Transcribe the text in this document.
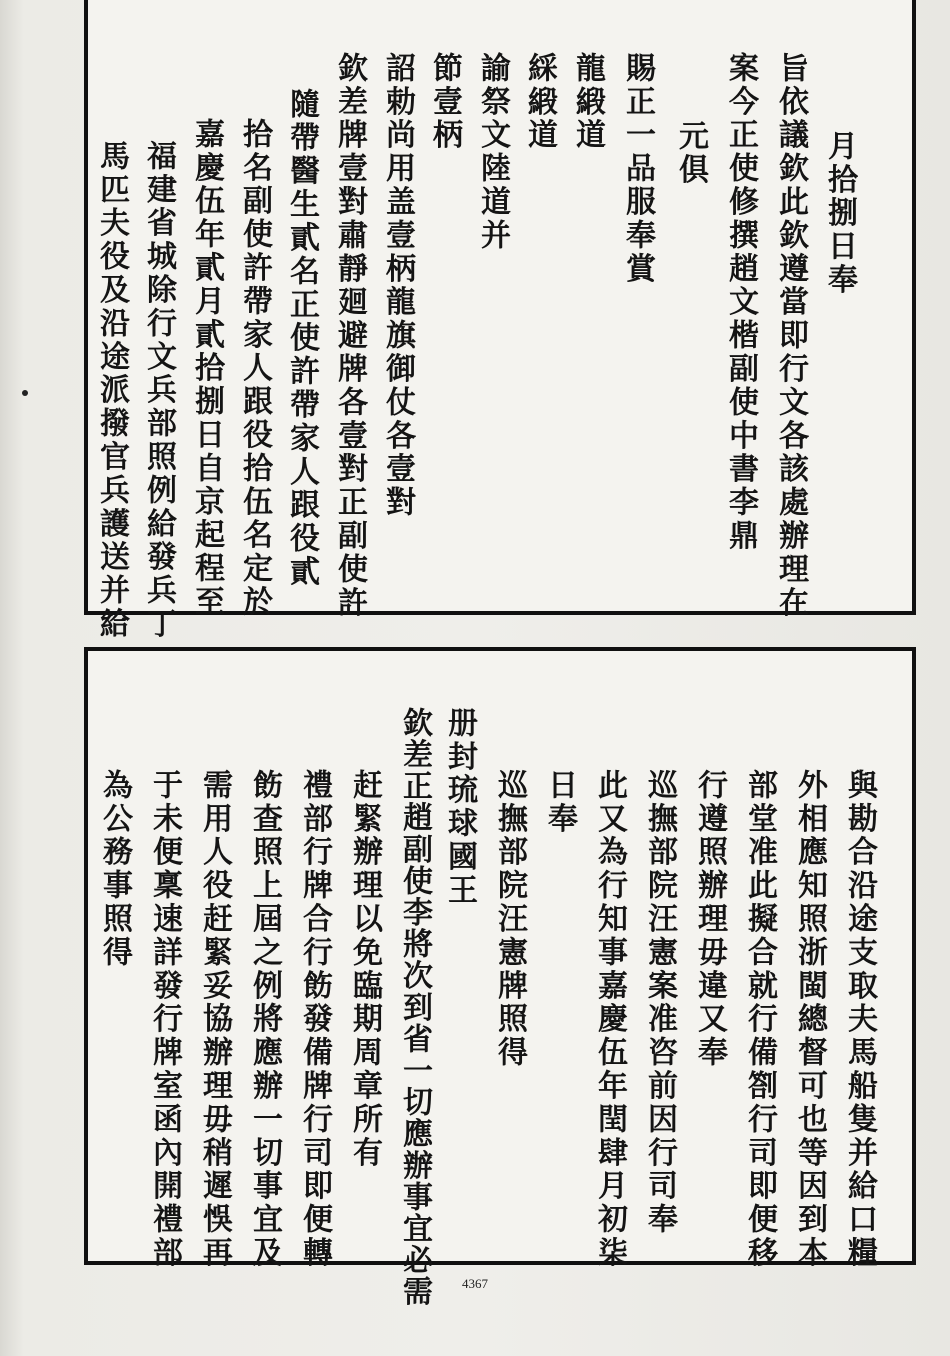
月拾捌日奉
旨依議欽此欽遵當即行文各該處辦理在
案今正使修撰趙文楷副使中書李鼎
元俱
賜正一品服奉賞
龍緞道
綵緞道
諭祭文陸道并
節壹柄
詔勅尚用盖壹柄龍旗御仗各壹對
欽差牌壹對肅靜廻避牌各壹對正副使許
隨帶醫生貳名正使許帶家人跟役貳
拾名副使許帶家人跟役拾伍名定於
嘉慶伍年貳月貳拾捌日自京起程至
福建省城除行文兵部照例給發兵丁
馬匹夫役及沿途派撥官兵護送并給
與勘合沿途支取夫馬船隻并給口糧
外相應知照浙閩總督可也等因到本
部堂准此擬合就行備劄行司即便移
行遵照辦理毋違又奉
巡撫部院汪憲案准咨前因行司奉
此又為行知事嘉慶伍年閏肆月初柒
日奉
巡撫部院汪憲牌照得
册封琉球國王
欽差正趙副使李將次到省一切應辦事宜必需
赶緊辦理以免臨期周章所有
禮部行牌合行飭發備牌行司即便轉
飭查照上屆之例將應辦一切事宜及
需用人役赶緊妥協辦理毋稍遲悞再
于未便稟速詳發行牌室函內開禮部
為公務事照得
4367
